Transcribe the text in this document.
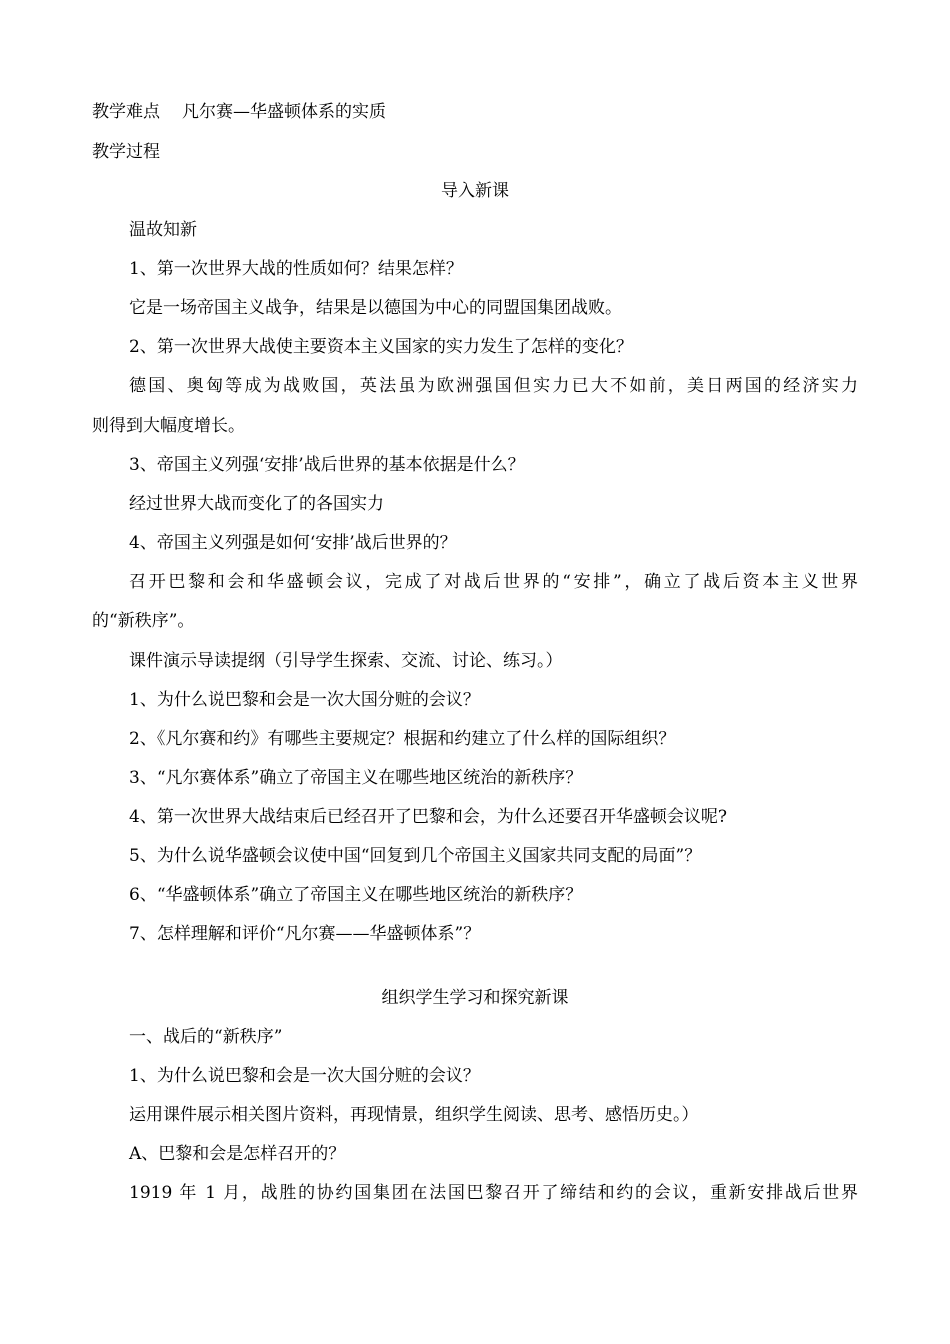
教学难点 凡尔赛—华盛顿体系的实质
教学过程
导入新课
温故知新
1、第一次世界大战的性质如何？结果怎样？
它是一场帝国主义战争，结果是以德国为中心的同盟国集团战败。
2、第一次世界大战使主要资本主义国家的实力发生了怎样的变化？
德国、奥匈等成为战败国，英法虽为欧洲强国但实力已大不如前，美日两国的经济实力
则得到大幅度增长。
3、帝国主义列强‘安排’战后世界的基本依据是什么？
经过世界大战而变化了的各国实力
4、帝国主义列强是如何‘安排’战后世界的？
召开巴黎和会和华盛顿会议，完成了对战后世界的“安排”，确立了战后资本主义世界
的“新秩序”。
课件演示导读提纲（引导学生探索、交流、讨论、练习。）
1、为什么说巴黎和会是一次大国分赃的会议？
2、《凡尔赛和约》有哪些主要规定？根据和约建立了什么样的国际组织？
3、“凡尔赛体系”确立了帝国主义在哪些地区统治的新秩序？
4、第一次世界大战结束后已经召开了巴黎和会，为什么还要召开华盛顿会议呢?
5、为什么说华盛顿会议使中国“回复到几个帝国主义国家共同支配的局面”？
6、“华盛顿体系”确立了帝国主义在哪些地区统治的新秩序？
7、怎样理解和评价“凡尔赛——华盛顿体系”？
组织学生学习和探究新课
一、战后的“新秩序”
1、为什么说巴黎和会是一次大国分赃的会议？
运用课件展示相关图片资料，再现情景，组织学生阅读、思考、感悟历史。）
A、巴黎和会是怎样召开的？
1919 年 1 月，战胜的协约国集团在法国巴黎召开了缔结和约的会议，重新安排战后世界
